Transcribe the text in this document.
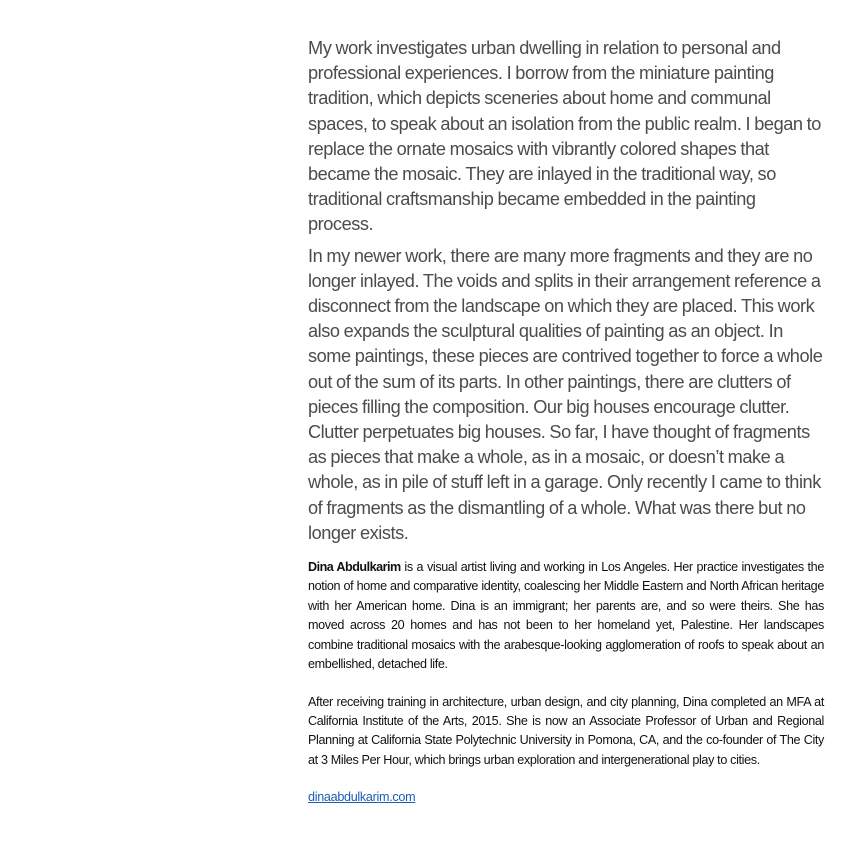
My work investigates urban dwelling in relation to personal and professional experiences. I borrow from the miniature painting tradition, which depicts sceneries about home and communal spaces, to speak about an isolation from the public realm. I began to replace the ornate mosaics with vibrantly colored shapes that became the mosaic. They are inlayed in the traditional way, so traditional craftsmanship became embedded in the painting process.

In my newer work, there are many more fragments and they are no longer inlayed. The voids and splits in their arrangement reference a disconnect from the landscape on which they are placed. This work also expands the sculptural qualities of painting as an object. In some paintings, these pieces are contrived together to force a whole out of the sum of its parts. In other paintings, there are clutters of pieces filling the composition. Our big houses encourage clutter. Clutter perpetuates big houses. So far, I have thought of fragments as pieces that make a whole, as in a mosaic, or doesn’t make a whole, as in pile of stuff left in a garage. Only recently I came to think of fragments as the dismantling of a whole. What was there but no longer exists.

Dina Abdulkarim is a visual artist living and working in Los Angeles. Her practice investigates the notion of home and comparative identity, coalescing her Middle Eastern and North African heritage with her American home. Dina is an immigrant; her parents are, and so were theirs. She has moved across 20 homes and has not been to her homeland yet, Palestine. Her landscapes combine traditional mosaics with the arabesque-looking agglomeration of roofs to speak about an embellished, detached life.

After receiving training in architecture, urban design, and city planning, Dina completed an MFA at California Institute of the Arts, 2015. She is now an Associate Professor of Urban and Regional Planning at California State Polytechnic University in Pomona, CA, and the co-founder of The City at 3 Miles Per Hour, which brings urban exploration and intergenerational play to cities.

dinaabdulkarim.com
